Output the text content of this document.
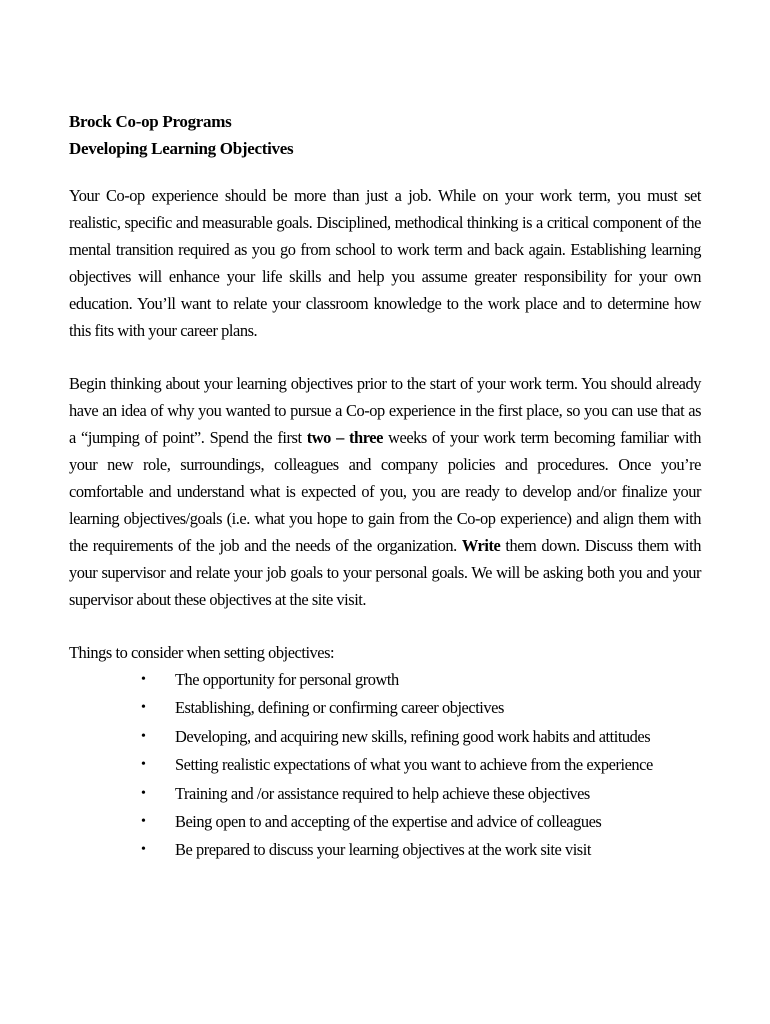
Brock Co-op Programs
Developing Learning Objectives

Your Co-op experience should be more than just a job. While on your work term, you must set realistic, specific and measurable goals. Disciplined, methodical thinking is a critical component of the mental transition required as you go from school to work term and back again. Establishing learning objectives will enhance your life skills and help you assume greater responsibility for your own education. You’ll want to relate your classroom knowledge to the work place and to determine how this fits with your career plans.

Begin thinking about your learning objectives prior to the start of your work term. You should already have an idea of why you wanted to pursue a Co-op experience in the first place, so you can use that as a “jumping of point”. Spend the first two – three weeks of your work term becoming familiar with your new role, surroundings, colleagues and company policies and procedures. Once you’re comfortable and understand what is expected of you, you are ready to develop and/or finalize your learning objectives/goals (i.e. what you hope to gain from the Co-op experience) and align them with the requirements of the job and the needs of the organization. Write them down. Discuss them with your supervisor and relate your job goals to your personal goals. We will be asking both you and your supervisor about these objectives at the site visit.

Things to consider when setting objectives:

• The opportunity for personal growth
• Establishing, defining or confirming career objectives
• Developing, and acquiring new skills, refining good work habits and attitudes
• Setting realistic expectations of what you want to achieve from the experience
• Training and /or assistance required to help achieve these objectives
• Being open to and accepting of the expertise and advice of colleagues
• Be prepared to discuss your learning objectives at the work site visit
